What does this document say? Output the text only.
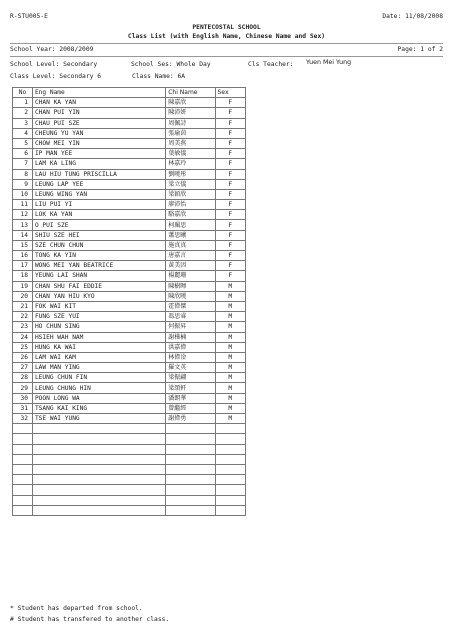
R-STU005-E	Date: 11/08/2008
PENTECOSTAL SCHOOL
Class List (with English Name, Chinese Name and Sex)
School Year: 2008/2009	Page: 1 of 2
School Level: Secondary	School Ses: Whole Day	Cls Teacher: Yuen Mei Yung
Class Level: Secondary 6	Class Name: 6A
No	Eng Name	Chi Name	Sex
1	CHAN KA YAN	陳嘉欣	F
2	CHAN PUI YIN	陳沛妍	F
3	CHAU PUI SZE	周佩詩	F
4	CHEUNG YU YAN	張瑜茵	F
5	CHOW MEI YIN	周美燕	F
6	IP MAN YEE	葉敏儀	F
7	LAM KA LING	林嘉玲	F
8	LAU HIU TUNG PRISCILLA	劉曉彤	F
9	LEUNG LAP YEE	梁立儀	F
10	LEUNG WING YAN	梁穎欣	F
11	LIU PUI YI	廖沛怡	F
12	LOK KA YAN	駱嘉欣	F
13	O PUI SZE	柯珮思	F
14	SHIU SZE HEI	蕭思曦	F
15	SZE CHUN CHUN	施真真	F
16	TONG KA YIN	唐嘉言	F
17	WONG MEI YAN BEATRICE	黃美因	F
18	YEUNG LAI SHAN	楊麗珊	F
19	CHAN SHU FAI EDDIE	陳樹暉	M
20	CHAN YAN HIU KYO	陳欣曉	M
21	FOK WAI KIT	霍偉傑	M
22	FUNG SZE YUI	馮思睿	M
23	HO CHUN SING	何振昇	M
24	HSIEH WAH NAM	謝樺楠	M
25	HUNG KA WAI	洪嘉偉	M
26	LAM WAI KAM	林偉淦	M
27	LAW MAN YING	羅文英	M
28	LEUNG CHUN FIN	梁振翩	M
29	LEUNG CHUNG HIN	梁頌軒	M
30	POON LONG WA	潘朗華	M
31	TSANG KAI KING	曾繼經	M
32	TSE WAI YUNG	謝偉勇	M

* Student has departed from school.
# Student has transfered to another class.
